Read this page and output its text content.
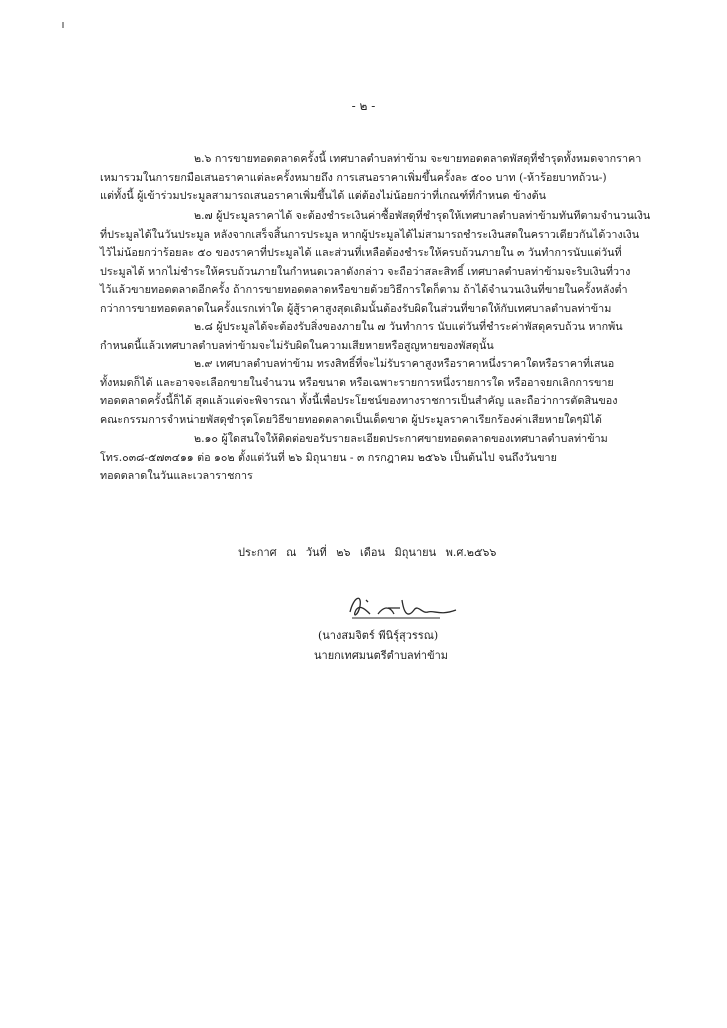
- ๒ -
๒.๖ การขายทอดตลาดครั้งนี้ เทศบาลตำบลท่าข้าม จะขายทอดตลาดพัสดุที่ชำรุดทั้งหมดจากราคา
เหมารวมในการยกมือเสนอราคาแต่ละครั้งหมายถึง การเสนอราคาเพิ่มขึ้นครั้งละ ๕๐๐ บาท (-ห้าร้อยบาทถ้วน-)
แต่ทั้งนี้ ผู้เข้าร่วมประมูลสามารถเสนอราคาเพิ่มขึ้นได้ แต่ต้องไม่น้อยกว่าที่เกณฑ์ที่กำหนด ข้างต้น
๒.๗ ผู้ประมูลราคาได้ จะต้องชำระเงินค่าซื้อพัสดุที่ชำรุดให้เทศบาลตำบลท่าข้ามทันทีตามจำนวนเงิน
ที่ประมูลได้ในวันประมูล หลังจากเสร็จสิ้นการประมูล หากผู้ประมูลได้ไม่สามารถชำระเงินสดในคราวเดียวกันได้วางเงิน
ไว้ไม่น้อยกว่าร้อยละ ๕๐ ของราคาที่ประมูลได้ และส่วนที่เหลือต้องชำระให้ครบถ้วนภายใน ๓ วันทำการนับแต่วันที่
ประมูลได้ หากไม่ชำระให้ครบถ้วนภายในกำหนดเวลาดังกล่าว จะถือว่าสละสิทธิ์ เทศบาลตำบลท่าข้ามจะริบเงินที่วาง
ไว้แล้วขายทอดตลาดอีกครั้ง ถ้าการขายทอดตลาดหรือขายด้วยวิธีการใดก็ตาม ถ้าได้จำนวนเงินที่ขายในครั้งหลังต่ำ
กว่าการขายทอดตลาดในครั้งแรกเท่าใด ผู้สู้ราคาสูงสุดเดิมนั้นต้องรับผิดในส่วนที่ขาดให้กับเทศบาลตำบลท่าข้าม
๒.๘ ผู้ประมูลได้จะต้องรับสิ่งของภายใน ๗ วันทำการ นับแต่วันที่ชำระค่าพัสดุครบถ้วน หากพ้น
กำหนดนี้แล้วเทศบาลตำบลท่าข้ามจะไม่รับผิดในความเสียหายหรือสูญหายของพัสดุนั้น
๒.๙ เทศบาลตำบลท่าข้าม ทรงสิทธิ์ที่จะไม่รับราคาสูงหรือราคาหนึ่งราคาใดหรือราคาที่เสนอ
ทั้งหมดก็ได้ และอาจจะเลือกขายในจำนวน หรือขนาด หรือเฉพาะรายการหนึ่งรายการใด หรืออาจยกเลิกการขาย
ทอดตลาดครั้งนี้ก็ได้ สุดแล้วแต่จะพิจารณา ทั้งนี้เพื่อประโยชน์ของทางราชการเป็นสำคัญ และถือว่าการตัดสินของ
คณะกรรมการจำหน่ายพัสดุชำรุดโดยวิธีขายทอดตลาดเป็นเด็ดขาด ผู้ประมูลราคาเรียกร้องค่าเสียหายใดๆมิได้
๒.๑๐ ผู้ใดสนใจให้ติดต่อขอรับรายละเอียดประกาศขายทอดตลาดของเทศบาลตำบลท่าข้าม
โทร.๐๓๘-๕๗๓๔๑๑ ต่อ ๑๐๒ ตั้งแต่วันที่ ๒๖ มิถุนายน - ๓ กรกฎาคม ๒๕๖๖ เป็นต้นไป จนถึงวันขาย
ทอดตลาดในวันและเวลาราชการ
ประกาศ ณ วันที่ ๒๖ เดือน มิถุนายน พ.ศ.๒๕๖๖
(นางสมจิตร์ พีนิรุ์สุวรรณ)
นายกเทศมนตรีตำบลท่าข้าม
